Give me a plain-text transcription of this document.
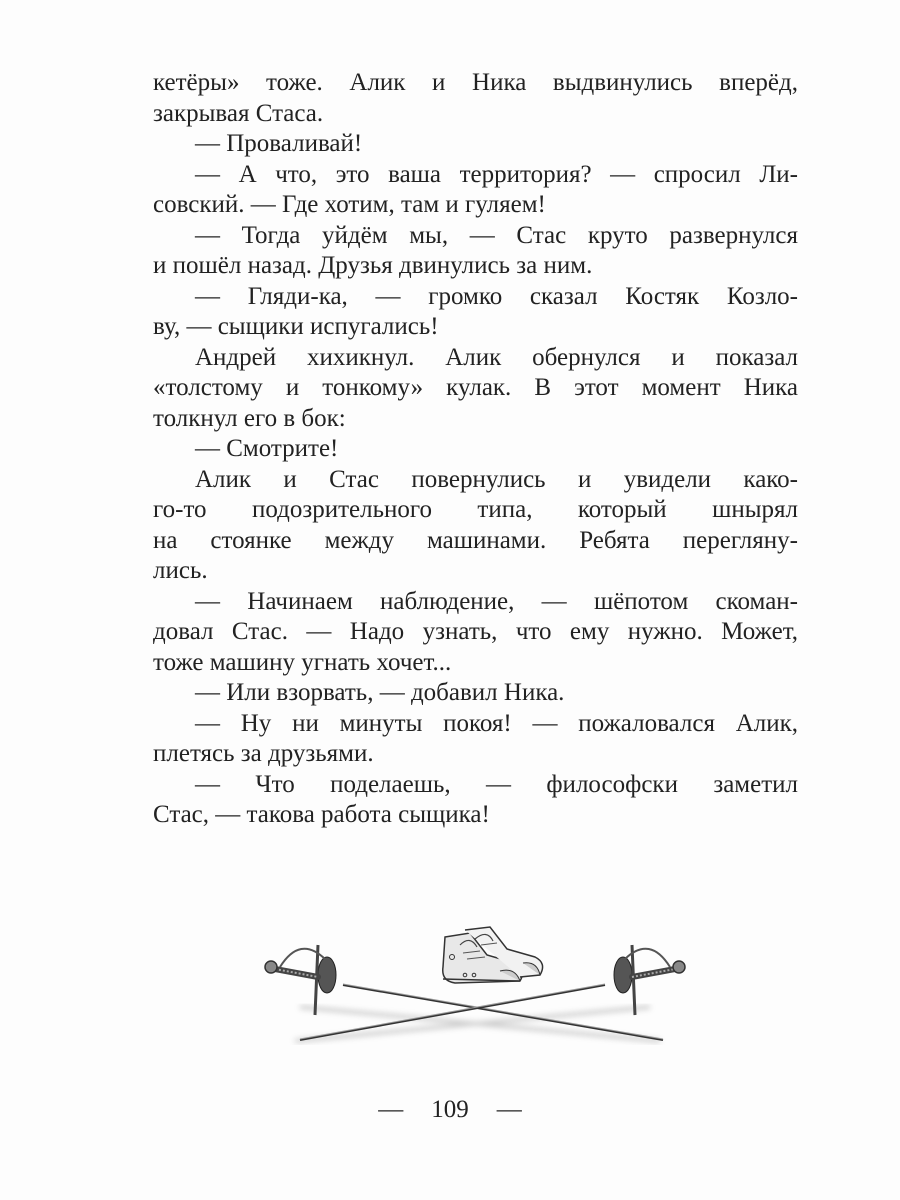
кетёры» тоже. Алик и Ника выдвинулись вперёд,
закрывая Стаса.
— Проваливай!
— А что, это ваша территория? — спросил Ли-
совский. — Где хотим, там и гуляем!
— Тогда уйдём мы, — Стас круто развернулся
и пошёл назад. Друзья двинулись за ним.
— Гляди-ка, — громко сказал Костяк Козло-
ву, — сыщики испугались!
Андрей хихикнул. Алик обернулся и показал
«толстому и тонкому» кулак. В этот момент Ника
толкнул его в бок:
— Смотрите!
Алик и Стас повернулись и увидели како-
го-то подозрительного типа, который шнырял
на стоянке между машинами. Ребята перегляну-
лись.
— Начинаем наблюдение, — шёпотом скоман-
довал Стас. — Надо узнать, что ему нужно. Может,
тоже машину угнать хочет...
— Или взорвать, — добавил Ника.
— Ну ни минуты покоя! — пожаловался Алик,
плетясь за друзьями.
— Что поделаешь, — философски заметил
Стас, — такова работа сыщика!
— 109 —
